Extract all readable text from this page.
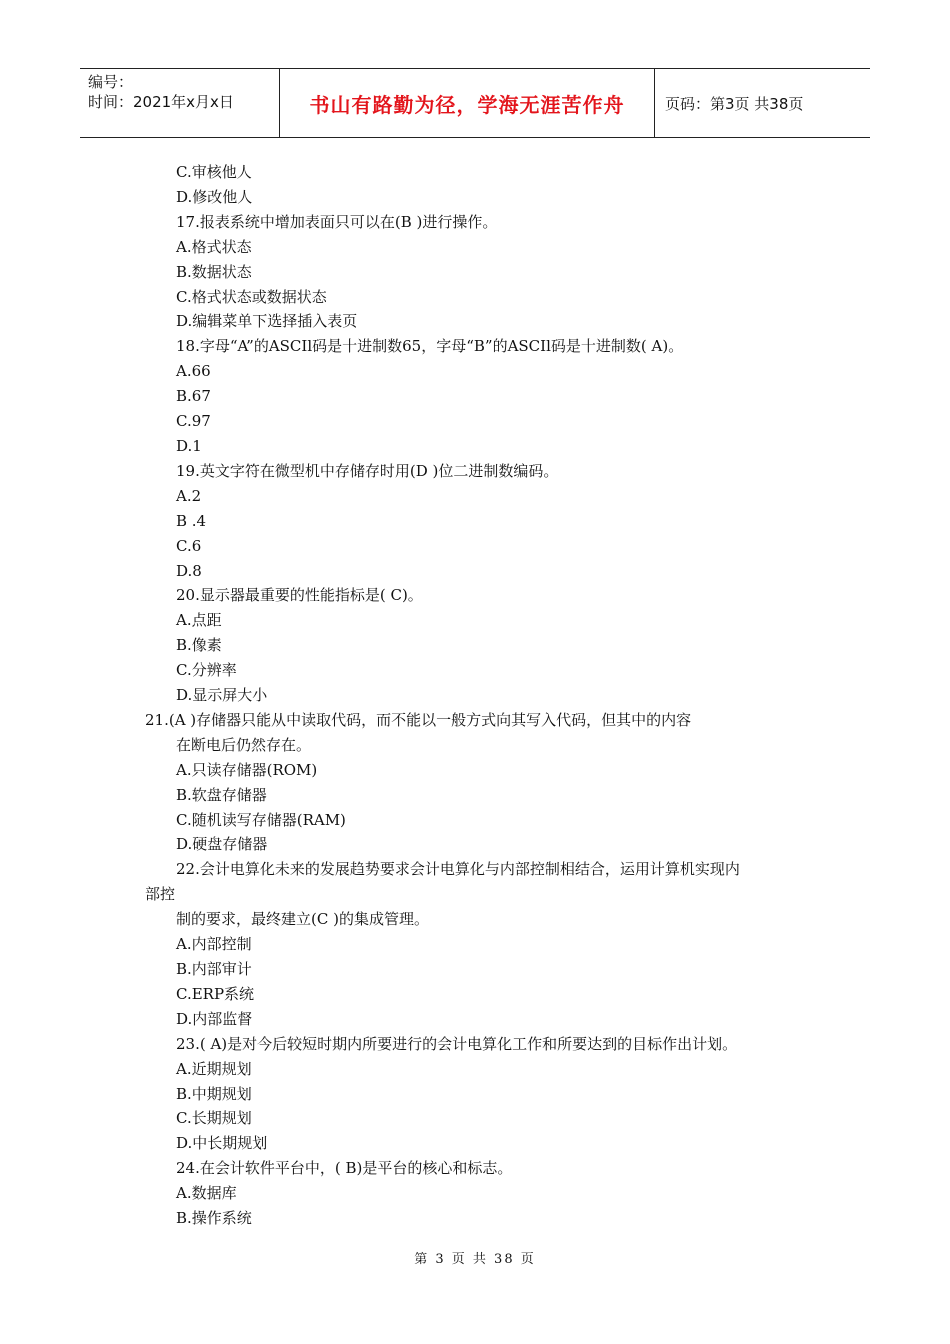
编号：
时间：2021年x月x日	书山有路勤为径，学海无涯苦作舟	页码：第3页 共38页
C.审核他人
D.修改他人
17.报表系统中增加表面只可以在(B )进行操作。
A.格式状态
B.数据状态
C.格式状态或数据状态
D.编辑菜单下选择插入表页
18.字母“A”的ASCIl码是十进制数65，字母“B”的ASCIl码是十进制数( A)。
A.66
B.67
C.97
D.1
19.英文字符在微型机中存储存时用(D )位二进制数编码。
A.2
B .4
C.6
D.8
20.显示器最重要的性能指标是( C)。
A.点距
B.像素
C.分辨率
D.显示屏大小
21.(A )存储器只能从中读取代码，而不能以一般方式向其写入代码，但其中的内容
在断电后仍然存在。
A.只读存储器(ROM)
B.软盘存储器
C.随机读写存储器(RAM)
D.硬盘存储器
22.会计电算化未来的发展趋势要求会计电算化与内部控制相结合，运用计算机实现内
部控
制的要求，最终建立(C )的集成管理。
A.内部控制
B.内部审计
C.ERP系统
D.内部监督
23.( A)是对今后较短时期内所要进行的会计电算化工作和所要达到的目标作出计划。
A.近期规划
B.中期规划
C.长期规划
D.中长期规划
24.在会计软件平台中，( B)是平台的核心和标志。
A.数据库
B.操作系统
第 3 页 共 38 页
